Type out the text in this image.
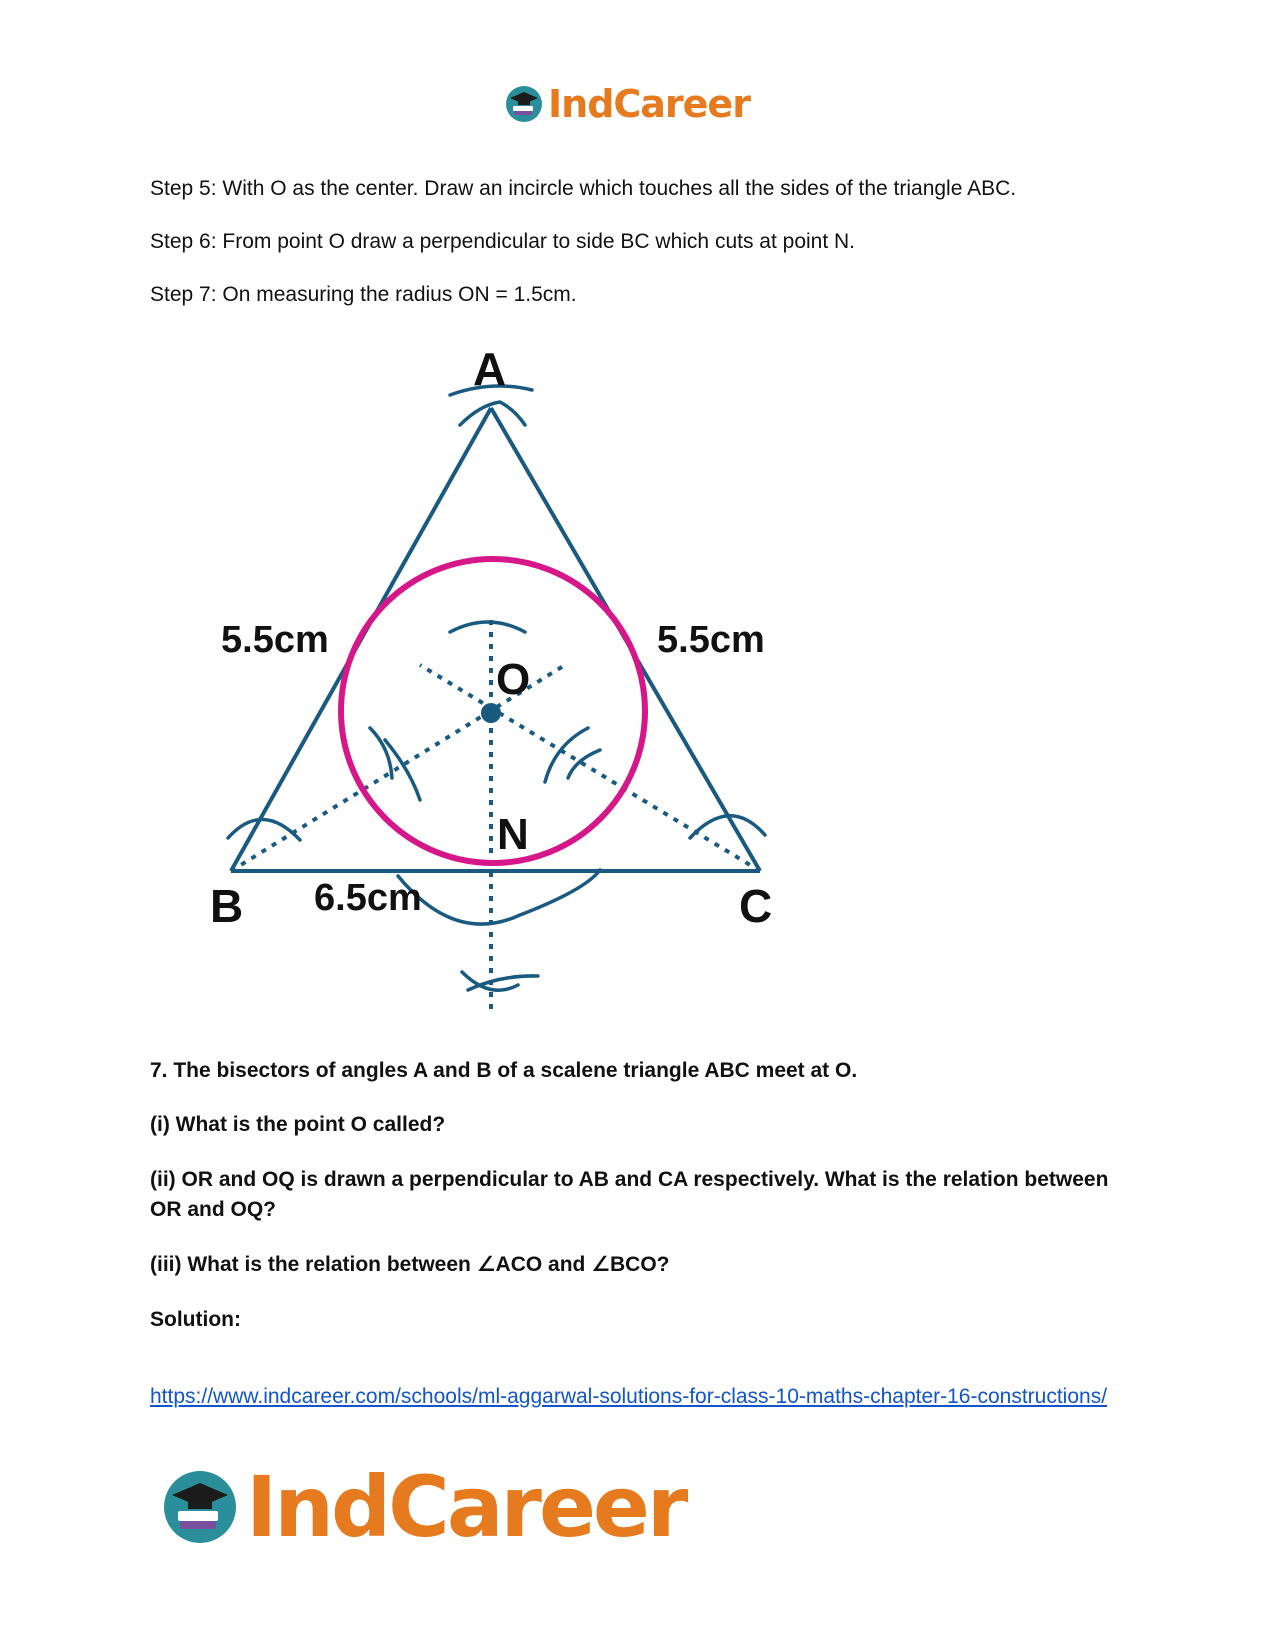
IndCareer

Step 5: With O as the center. Draw an incircle which touches all the sides of the triangle ABC.

Step 6: From point O draw a perpendicular to side BC which cuts at point N.

Step 7: On measuring the radius ON = 1.5cm.

A
B	C
O
N
5.5cm	5.5cm
6.5cm

7. The bisectors of angles A and B of a scalene triangle ABC meet at O.

(i) What is the point O called?

(ii) OR and OQ is drawn a perpendicular to AB and CA respectively. What is the relation between OR and OQ?

(iii) What is the relation between ∠ACO and ∠BCO?

Solution:

https://www.indcareer.com/schools/ml-aggarwal-solutions-for-class-10-maths-chapter-16-constructions/
IndCareer
